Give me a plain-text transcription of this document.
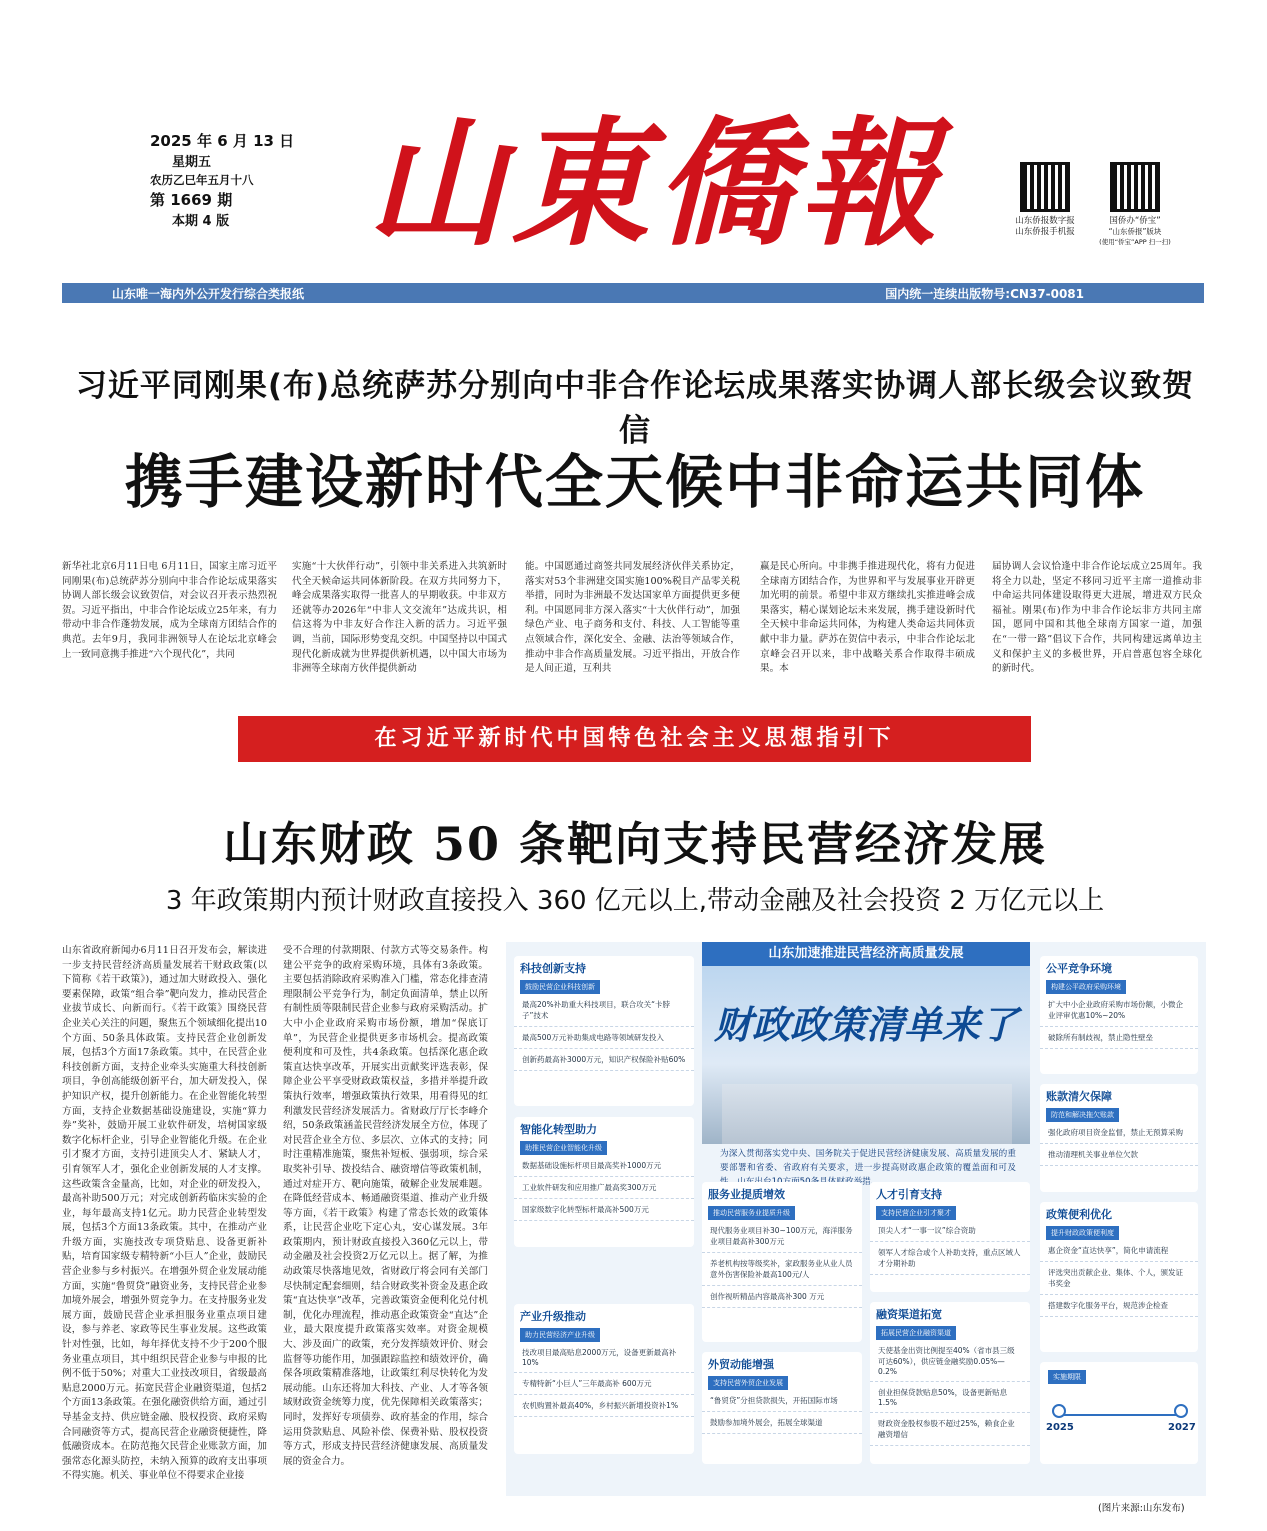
2025 年 6 月 13 日
星期五
农历乙巳年五月十八
第 1669 期
本期 4 版 山東僑報	山东侨报数字报
山东侨报手机报
国侨办“侨宝”
“山东侨报”版块
(使用“侨宝”APP 扫一扫)
山东唯一海内外公开发行综合类报纸	国内统一连续出版物号:CN37-0081
习近平同刚果(布)总统萨苏分别向中非合作论坛成果落实协调人部长级会议致贺信
携手建设新时代全天候中非命运共同体
新华社北京6月11日电 6月11日，国家主席习近平同刚果(布)总统萨苏分别向中非合作论坛成果落实协调人部长级会议致贺信，对会议召开表示热烈祝贺。习近平指出，中非合作论坛成立25年来，有力带动中非合作蓬勃发展，成为全球南方团结合作的典范。去年9月，我同非洲领导人在论坛北京峰会上一致同意携手推进“六个现代化”，共同
实施“十大伙伴行动”，引领中非关系进入共筑新时代全天候命运共同体新阶段。在双方共同努力下，峰会成果落实取得一批喜人的早期收获。中非双方还就等办2026年“中非人文交流年”达成共识，相信这将为中非友好合作注入新的活力。习近平强调，当前，国际形势变乱交织。中国坚持以中国式现代化新成就为世界提供新机遇，以中国大市场为非洲等全球南方伙伴提供新动
能。中国愿通过商签共同发展经济伙伴关系协定，落实对53个非洲建交国实施100%税目产品零关税举措，同时为非洲最不发达国家单方面提供更多便利。中国愿同非方深入落实“十大伙伴行动”，加强绿色产业、电子商务和支付、科技、人工智能等重点领域合作，深化安全、金融、法治等领域合作，推动中非合作高质量发展。习近平指出，开放合作是人间正道，互利共
赢是民心所向。中非携手推进现代化，将有力促进全球南方团结合作，为世界和平与发展事业开辟更加光明的前景。希望中非双方继续扎实推进峰会成果落实，精心谋划论坛未来发展，携手建设新时代全天候中非命运共同体，为构建人类命运共同体贡献中非力量。萨苏在贺信中表示，中非合作论坛北京峰会召开以来，非中战略关系合作取得丰硕成果。本
届协调人会议恰逢中非合作论坛成立25周年。我将全力以赴，坚定不移同习近平主席一道推动非中命运共同体建设取得更大进展，增进双方民众福祉。刚果(布)作为中非合作论坛非方共同主席国，愿同中国和其他全球南方国家一道，加强在“一带一路”倡议下合作，共同构建远离单边主义和保护主义的多极世界，开启普惠包容全球化的新时代。
在习近平新时代中国特色社会主义思想指引下
山东财政 50 条靶向支持民营经济发展
3 年政策期内预计财政直接投入 360 亿元以上,带动金融及社会投资 2 万亿元以上
山东省政府新闻办6月11日召开发布会，解读进一步支持民营经济高质量发展若干财政政策(以下简称《若干政策》)，通过加大财政投入、强化要素保障，政策“组合拳”靶向发力，推动民营企业拔节成长、向新而行。《若干政策》围绕民营企业关心关注的问题，聚焦五个领域细化提出10个方面、50条具体政策。支持民营企业创新发展，包括3个方面17条政策。其中，在民营企业科技创新方面，支持企业牵头实施重大科技创新项目，争创高能级创新平台，加大研发投入，保护知识产权，提升创新能力。在企业智能化转型方面，支持企业数据基础设施建设，实施“算力券”奖补，鼓励开展工业软件研发，培树国家级数字化标杆企业，引导企业智能化升级。在企业引才聚才方面，支持引进顶尖人才、紧缺人才，引育领军人才，强化企业创新发展的人才支撑。这些政策含金量高，比如，对企业的研发投入，最高补助500万元；对完成创新药临床实验的企业，每年最高支持1亿元。助力民营企业转型发展，包括3个方面13条政策。其中，在推动产业升级方面，实施技改专项贷贴息、设备更新补贴，培育国家级专精特新“小巨人”企业，鼓励民营企业参与乡村振兴。在增强外贸企业发展动能方面，实施“鲁贸贷”融资业务，支持民营企业参加境外展会，增强外贸竞争力。在支持服务业发展方面，鼓励民营企业承担服务业重点项目建设，参与养老、家政等民生事业发展。这些政策针对性强，比如，每年择优支持不少于200个服务业重点项目，其中组织民营企业参与申报的比例不低于50%；对重大工业技改项目，省级最高贴息2000万元。拓宽民营企业融资渠道，包括2个方面13条政策。在强化融资供给方面，通过引导基金支持、供应链金融、股权投资、政府采购合同融资等方式，提高民营企业融资便捷性，降低融资成本。在防范拖欠民营企业账款方面，加强常态化源头防控，未纳入预算的政府支出事项不得实施。机关、事业单位不得要求企业接
受不合理的付款期限、付款方式等交易条件。构建公平竞争的政府采购环境，具体有3条政策。主要包括消除政府采购准入门槛，常态化排查清理限制公平竞争行为，制定负面清单，禁止以所有制性质等限制民营企业参与政府采购活动。扩大中小企业政府采购市场份额，增加“保底订单”，为民营企业提供更多市场机会。提高政策便利度和可及性，共4条政策。包括深化惠企政策直达快享改革，开展实出贡献奖评选表彰，保障企业公平享受财政政策权益，多措并举提升政策执行效率，增强政策执行效果，用看得见的红利激发民营经济发展活力。省财政厅厅长李峰介绍，50条政策涵盖民营经济发展全方位，体现了对民营企业全方位、多层次、立体式的支持；同时注重精准施策，聚焦补短板、强弱项，综合采取奖补引导、拨投结合、融资增信等政策机制，通过对症开方、靶向施策，破解企业发展难题。在降低经营成本、畅通融资渠道、推动产业升级等方面，《若干政策》构建了常态长效的政策体系，让民营企业吃下定心丸，安心谋发展。3年政策期内，预计财政直接投入360亿元以上，带动金融及社会投资2万亿元以上。据了解，为推动政策尽快落地见效，省财政厅将会同有关部门尽快制定配套细则，结合财政奖补资金及惠企政策“直达快享”改革，完善政策资金便利化兑付机制，优化办理流程，推动惠企政策资金“直达”企业，最大限度提升政策落实效率。对资金规模大、涉及面广的政策，充分发挥绩效评价、财会监督等功能作用，加强跟踪监控和绩效评价，确保各项政策精准落地，让政策红利尽快转化为发展动能。山东还将加大科技、产业、人才等各领域财政资金统筹力度，优先保障相关政策落实；同时，发挥好专项债券、政府基金的作用，综合运用贷款贴息、风险补偿、保费补贴、股权投资等方式，形成支持民营经济健康发展、高质量发展的资金合力。
山东加速推进民营经济高质量发展
财政政策清单来了
为深入贯彻落实党中央、国务院关于促进民营经济健康发展、高质量发展的重要部署和省委、省政府有关要求，进一步提高财政惠企政策的覆盖面和可及 举措。
科技创新支持
鼓励民营企业科技创新
最高20%补助重大科技项目，联合攻关“卡脖子”技术
最高500万元补助集成电路等领域研发投入
创新药最高补3000万元，知识产权保险补贴60%
智能化转型助力
助推民营企业智能化升级
数据基础设施标杆项目最高奖补1000万元
工业软件研发和应用推广最高奖300万元
国家级数字化转型标杆最高补500万元
产业升级推动
助力民营经济产业升级
技改项目最高贴息2000万元，设备更新最高补10%
专精特新“小巨人”三年最高补 600万元
农机购置补最高40%，乡村振兴新增投资补1%
服务业提质增效
推动民营服务业提质升级
现代服务业项目补30~100万元，海洋服务业项目最高补300万元
养老机构按等级奖补，家政服务业从业人员意外伤害保险补最高100元/人
创作视听精品内容最高补300 万元
外贸动能增强
支持民营外贸企业发展
“鲁贸贷”分担贷款损失，开拓国际市场
鼓励参加境外展会，拓展全球渠道
人才引育支持
支持民营企业引才聚才
顶尖人才“一事一议”综合资助
领军人才综合或个人补助支持，重点区域人才分期补助
融资渠道拓宽
拓展民营企业融资渠道
天使基金出资比例提至40%（省市县三级可达60%），供应链金融奖励0.05%—0.2%
创业担保贷款贴息50%，设备更新贴息1.5%
财政资金股权参股不超过25%，赖食企业融资增信
公平竞争环境
构建公平政府采购环境
扩大中小企业政府采购市场份额，小微企业评审优惠10%~20%
破除所有制歧视，禁止隐性壁垒
账款清欠保障
防范和解决拖欠账款
强化政府项目资金监督，禁止无预算采购
推动清理机关事业单位欠款
政策便利优化
提升财政政策便利度
惠企资金“直达快享”，简化申请流程
评选突出贡献企业、集体、个人，颁发证书奖金
搭建数字化服务平台，规范涉企检查
实施期限
2025	2027
(图片来源:山东发布)
